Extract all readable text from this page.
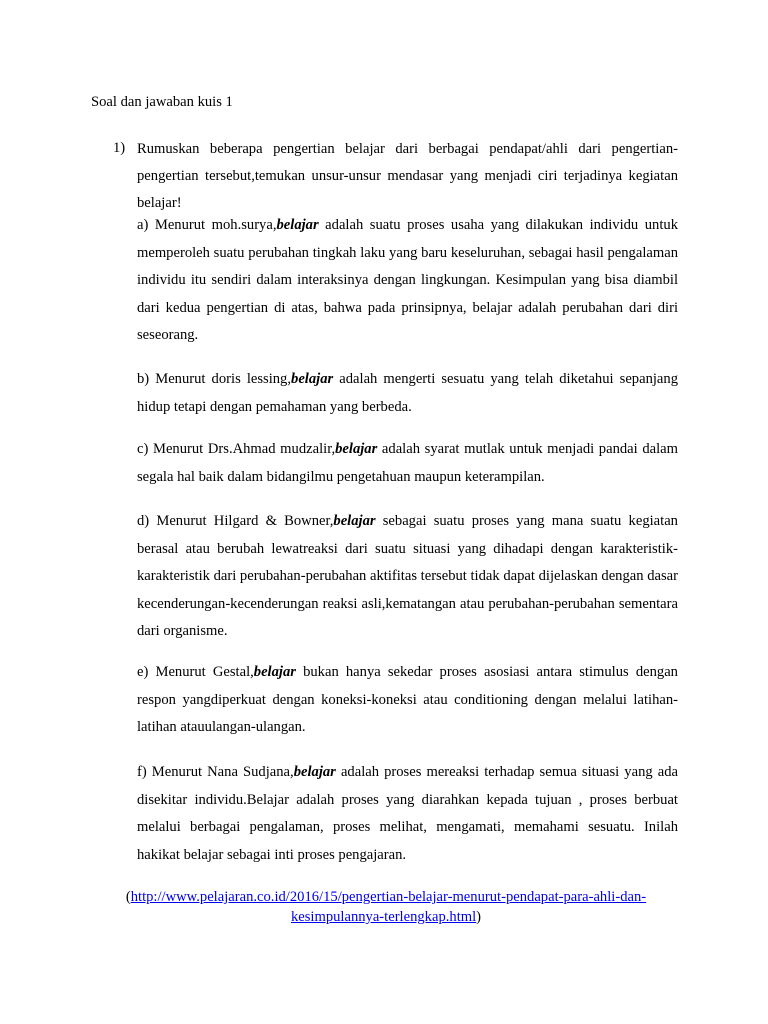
Soal dan jawaban kuis 1
1) Rumuskan beberapa pengertian belajar dari berbagai pendapat/ahli dari pengertian-pengertian tersebut,temukan unsur-unsur mendasar yang menjadi ciri terjadinya kegiatan belajar!
a) Menurut moh.surya,belajar adalah suatu proses usaha yang dilakukan individu untuk memperoleh suatu perubahan tingkah laku yang baru keseluruhan, sebagai hasil pengalaman individu itu sendiri dalam interaksinya dengan lingkungan. Kesimpulan yang bisa diambil dari kedua pengertian di atas, bahwa pada prinsipnya, belajar adalah perubahan dari diri seseorang.
b) Menurut doris lessing,belajar adalah mengerti sesuatu yang telah diketahui sepanjang hidup tetapi dengan pemahaman yang berbeda.
c) Menurut Drs.Ahmad mudzalir,belajar adalah syarat mutlak untuk menjadi pandai dalam segala hal baik dalam bidangilmu pengetahuan maupun keterampilan.
d) Menurut Hilgard & Bowner,belajar sebagai suatu proses yang mana suatu kegiatan berasal atau berubah lewatreaksi dari suatu situasi yang dihadapi dengan karakteristik-karakteristik dari perubahan-perubahan aktifitas tersebut tidak dapat dijelaskan dengan dasar kecenderungan-kecenderungan reaksi asli,kematangan atau perubahan-perubahan sementara dari organisme.
e) Menurut Gestal,belajar bukan hanya sekedar proses asosiasi antara stimulus dengan respon yangdiperkuat dengan koneksi-koneksi atau conditioning dengan melalui latihan-latihan atauulangan-ulangan.
f) Menurut Nana Sudjana,belajar adalah proses mereaksi terhadap semua situasi yang ada disekitar individu.Belajar adalah proses yang diarahkan kepada tujuan , proses berbuat melalui berbagai pengalaman, proses melihat, mengamati, memahami sesuatu. Inilah hakikat belajar sebagai inti proses pengajaran.
(http://www.pelajaran.co.id/2016/15/pengertian-belajar-menurut-pendapat-para-ahli-dan-
kesimpulannya-terlengkap.html)
